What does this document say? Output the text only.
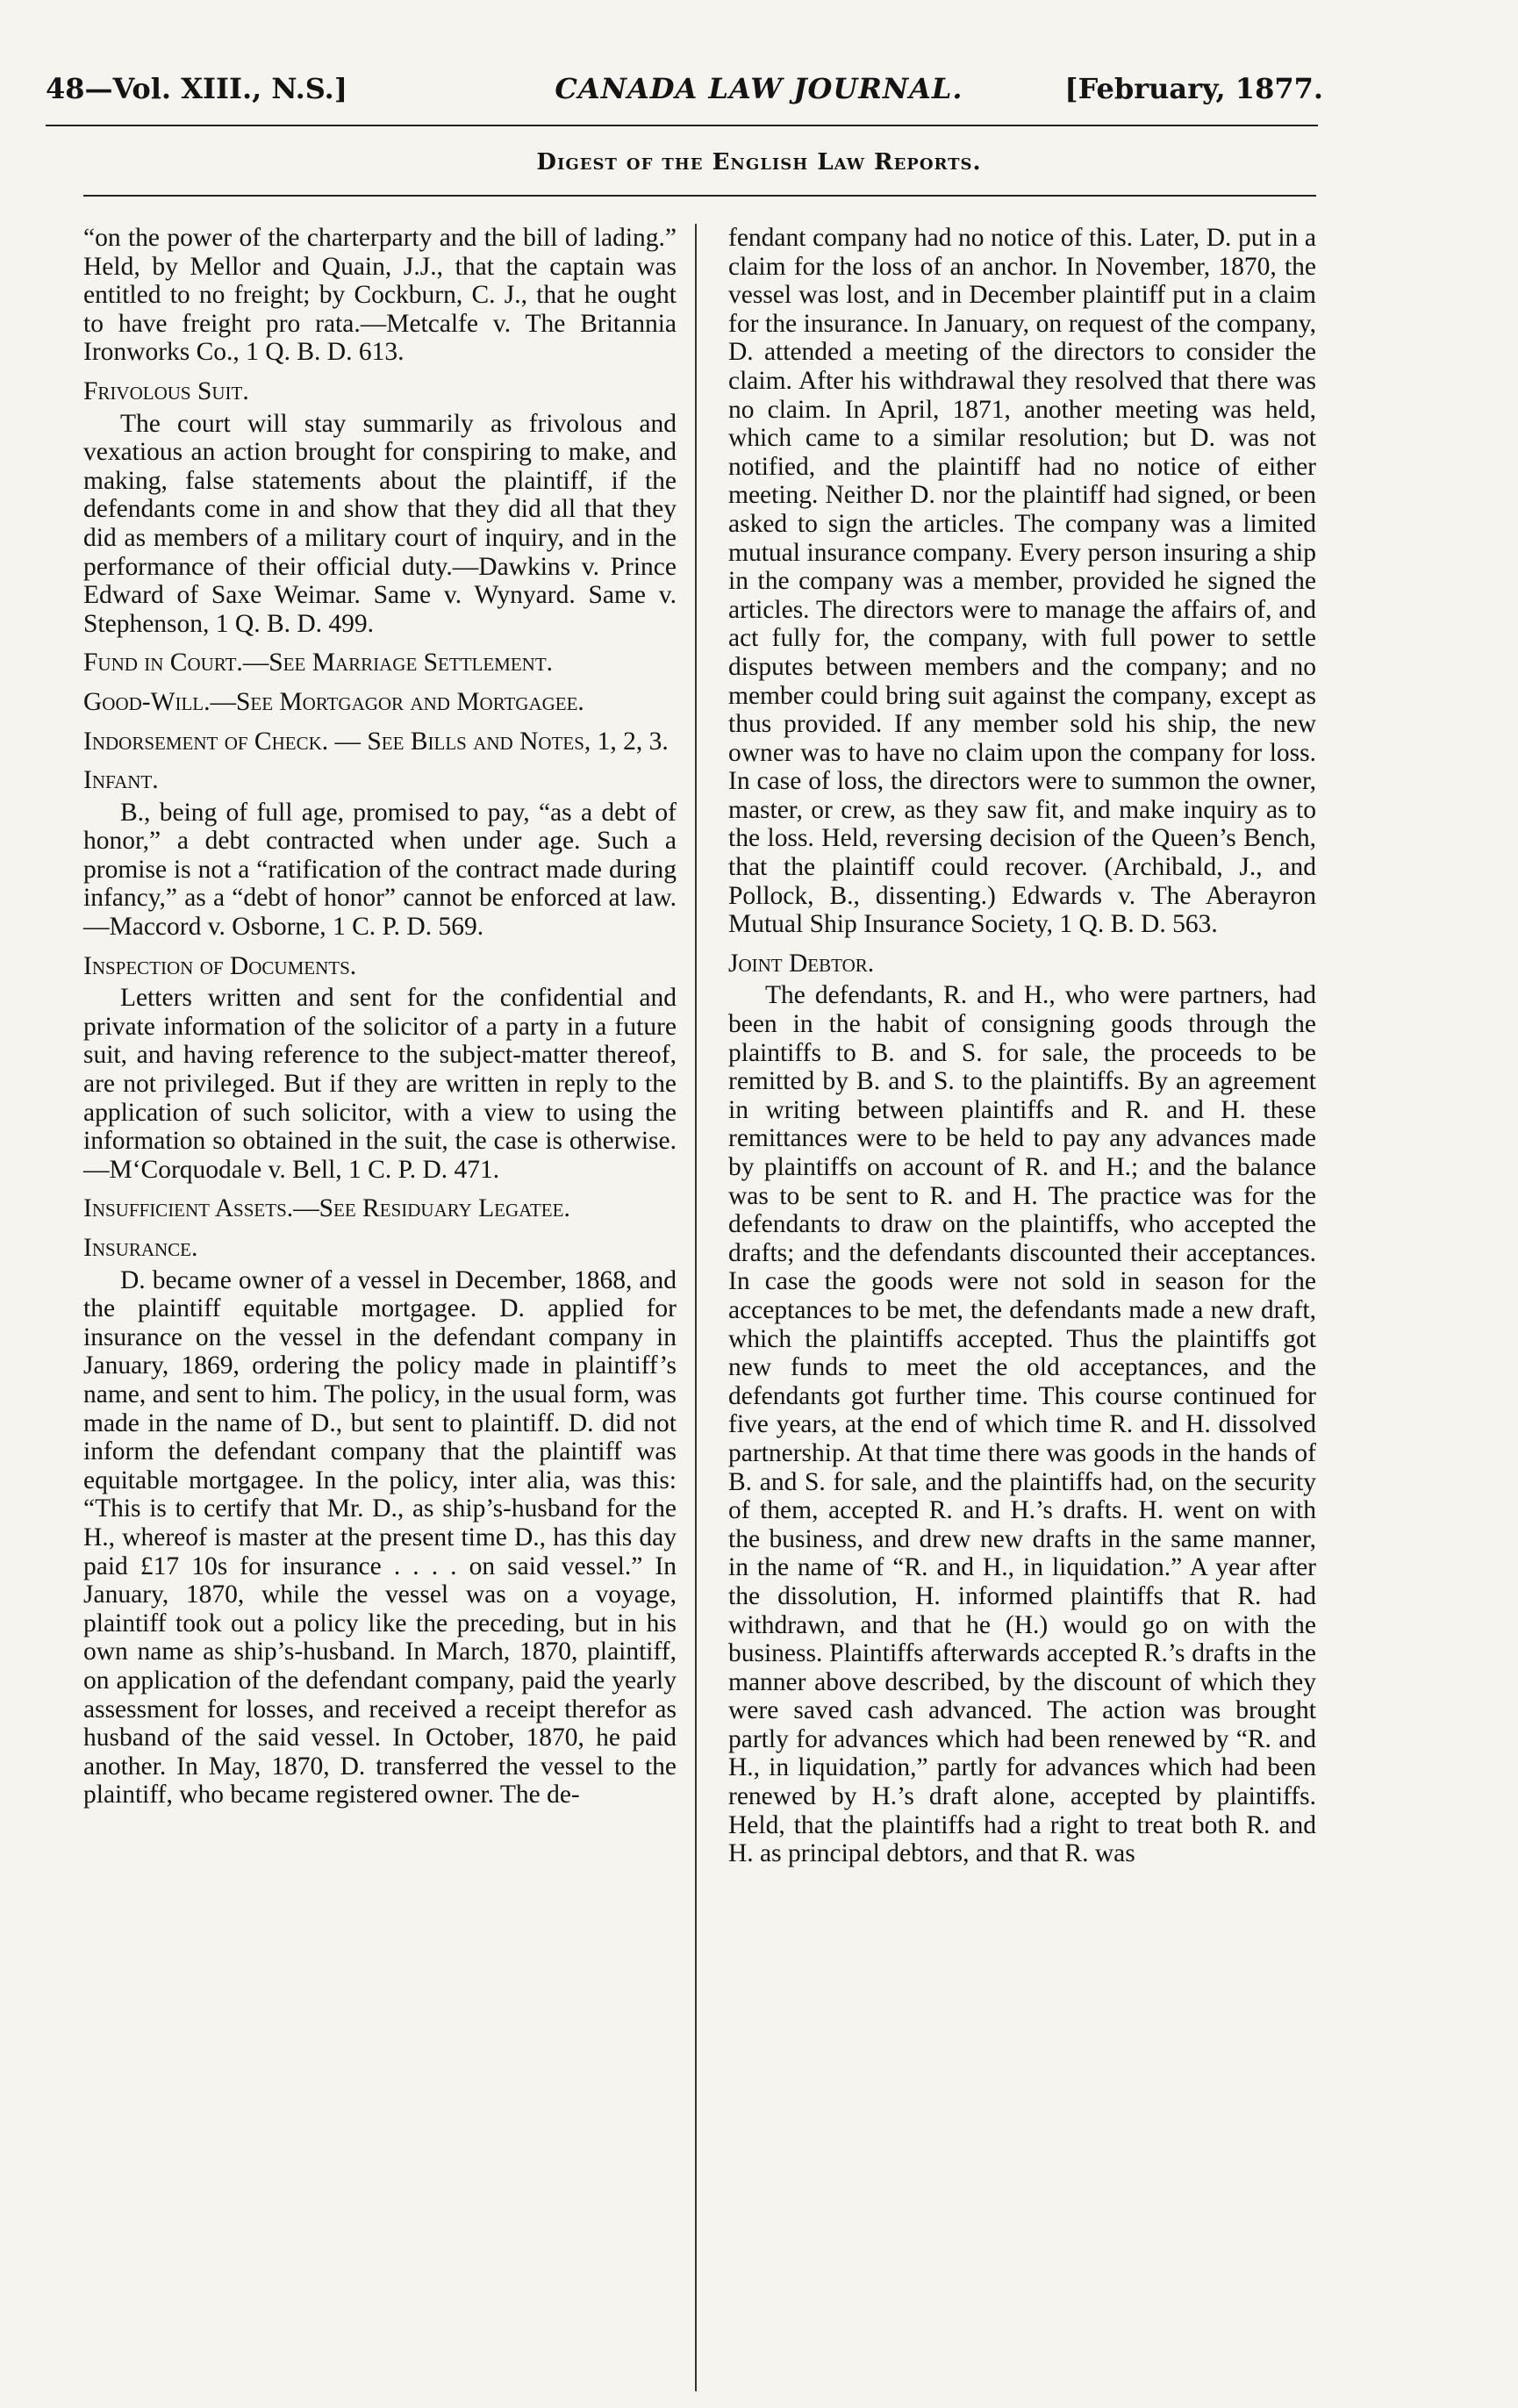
48—Vol. XIII., N.S.]	CANADA LAW JOURNAL.	[February, 1877.
Digest of the English Law Reports.
“on the power of the charterparty and the bill of lading.” Held, by Mellor and Quain, J.J., that the captain was entitled to no freight; by Cockburn, C. J., that he ought to have freight pro rata.—Metcalfe v. The Britannia Ironworks Co., 1 Q. B. D. 613.
Frivolous Suit.
The court will stay summarily as frivolous and vexatious an action brought for conspiring to make, and making, false statements about the plaintiff, if the defendants come in and show that they did all that they did as members of a military court of inquiry, and in the performance of their official duty.—Dawkins v. Prince Edward of Saxe Weimar. Same v. Wynyard. Same v. Stephenson, 1 Q. B. D. 499.
Fund in Court.—See Marriage Settlement.
Good-Will.—See Mortgagor and Mortgagee.
Indorsement of Check. — See Bills and Notes, 1, 2, 3.
Infant.
B., being of full age, promised to pay, “as a debt of honor,” a debt contracted when under age. Such a promise is not a “ratification of the contract made during infancy,” as a “debt of honor” cannot be enforced at law.—Maccord v. Osborne, 1 C. P. D. 569.
Inspection of Documents.
Letters written and sent for the confidential and private information of the solicitor of a party in a future suit, and having reference to the subject-matter thereof, are not privileged. But if they are written in reply to the application of such solicitor, with a view to using the information so obtained in the suit, the case is otherwise.—M‘Corquodale v. Bell, 1 C. P. D. 471.
Insufficient Assets.—See Residuary Legatee.
Insurance.
D. became owner of a vessel in December, 1868, and the plaintiff equitable mortgagee. D. applied for insurance on the vessel in the defendant company in January, 1869, ordering the policy made in plaintiff’s name, and sent to him. The policy, in the usual form, was made in the name of D., but sent to plaintiff. D. did not inform the defendant company that the plaintiff was equitable mortgagee. In the policy, inter alia, was this: “This is to certify that Mr. D., as ship’s-husband for the H., whereof is master at the present time D., has this day paid £17 10s for insurance . . . . on said vessel.” In January, 1870, while the vessel was on a voyage, plaintiff took out a policy like the preceding, but in his own name as ship’s-husband. In March, 1870, plaintiff, on application of the defendant company, paid the yearly assessment for losses, and received a receipt therefor as husband of the said vessel. In October, 1870, he paid another. In May, 1870, D. transferred the vessel to the plaintiff, who became registered owner. The de-
fendant company had no notice of this. Later, D. put in a claim for the loss of an anchor. In November, 1870, the vessel was lost, and in December plaintiff put in a claim for the insurance. In January, on request of the company, D. attended a meeting of the directors to consider the claim. After his withdrawal they resolved that there was no claim. In April, 1871, another meeting was held, which came to a similar resolution; but D. was not notified, and the plaintiff had no notice of either meeting. Neither D. nor the plaintiff had signed, or been asked to sign the articles. The company was a limited mutual insurance company. Every person insuring a ship in the company was a member, provided he signed the articles. The directors were to manage the affairs of, and act fully for, the company, with full power to settle disputes between members and the company; and no member could bring suit against the company, except as thus provided. If any member sold his ship, the new owner was to have no claim upon the company for loss. In case of loss, the directors were to summon the owner, master, or crew, as they saw fit, and make inquiry as to the loss. Held, reversing decision of the Queen’s Bench, that the plaintiff could recover. (Archibald, J., and Pollock, B., dissenting.) Edwards v. The Aberayron Mutual Ship Insurance Society, 1 Q. B. D. 563.
Joint Debtor.
The defendants, R. and H., who were partners, had been in the habit of consigning goods through the plaintiffs to B. and S. for sale, the proceeds to be remitted by B. and S. to the plaintiffs. By an agreement in writing between plaintiffs and R. and H. these remittances were to be held to pay any advances made by plaintiffs on account of R. and H.; and the balance was to be sent to R. and H. The practice was for the defendants to draw on the plaintiffs, who accepted the drafts; and the defendants discounted their acceptances. In case the goods were not sold in season for the acceptances to be met, the defendants made a new draft, which the plaintiffs accepted. Thus the plaintiffs got new funds to meet the old acceptances, and the defendants got further time. This course continued for five years, at the end of which time R. and H. dissolved partnership. At that time there was goods in the hands of B. and S. for sale, and the plaintiffs had, on the security of them, accepted R. and H.’s drafts. H. went on with the business, and drew new drafts in the same manner, in the name of “R. and H., in liquidation.” A year after the dissolution, H. informed plaintiffs that R. had withdrawn, and that he (H.) would go on with the business. Plaintiffs afterwards accepted R.’s drafts in the manner above described, by the discount of which they were saved cash advanced. The action was brought partly for advances which had been renewed by “R. and H., in liquidation,” partly for advances which had been renewed by H.’s draft alone, accepted by plaintiffs. Held, that the plaintiffs had a right to treat both R. and H. as principal debtors, and that R. was
